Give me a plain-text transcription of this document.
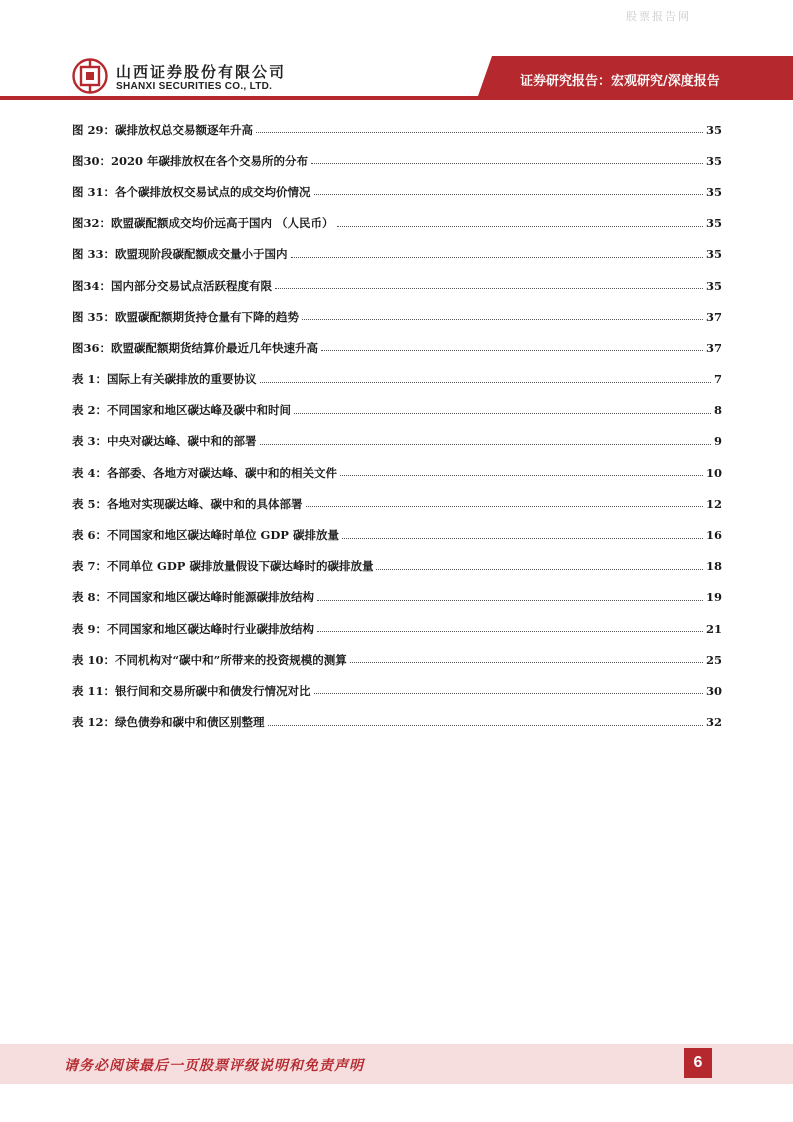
股票报告网
证券研究报告：宏观研究/深度报告
山西证券股份有限公司
SHANXI SECURITIES CO., LTD.
图 29：碳排放权总交易额逐年升高	35
图30：2020 年碳排放权在各个交易所的分布	35
图 31：各个碳排放权交易试点的成交均价情况	35
图32：欧盟碳配额成交均价远高于国内 （人民币）	35
图 33：欧盟现阶段碳配额成交量小于国内	35
图34：国内部分交易试点活跃程度有限	35
图 35：欧盟碳配额期货持仓量有下降的趋势	37
图36：欧盟碳配额期货结算价最近几年快速升高	37
表 1：国际上有关碳排放的重要协议	7
表 2：不同国家和地区碳达峰及碳中和时间	8
表 3：中央对碳达峰、碳中和的部署	9
表 4：各部委、各地方对碳达峰、碳中和的相关文件	10
表 5：各地对实现碳达峰、碳中和的具体部署	12
表 6：不同国家和地区碳达峰时单位 GDP 碳排放量	16
表 7：不同单位 GDP 碳排放量假设下碳达峰时的碳排放量	18
表 8：不同国家和地区碳达峰时能源碳排放结构	19
表 9：不同国家和地区碳达峰时行业碳排放结构	21
表 10：不同机构对“碳中和”所带来的投资规模的测算	25
表 11：银行间和交易所碳中和债发行情况对比	30
表 12：绿色债券和碳中和债区别整理	32
请务必阅读最后一页股票评级说明和免责声明	6
